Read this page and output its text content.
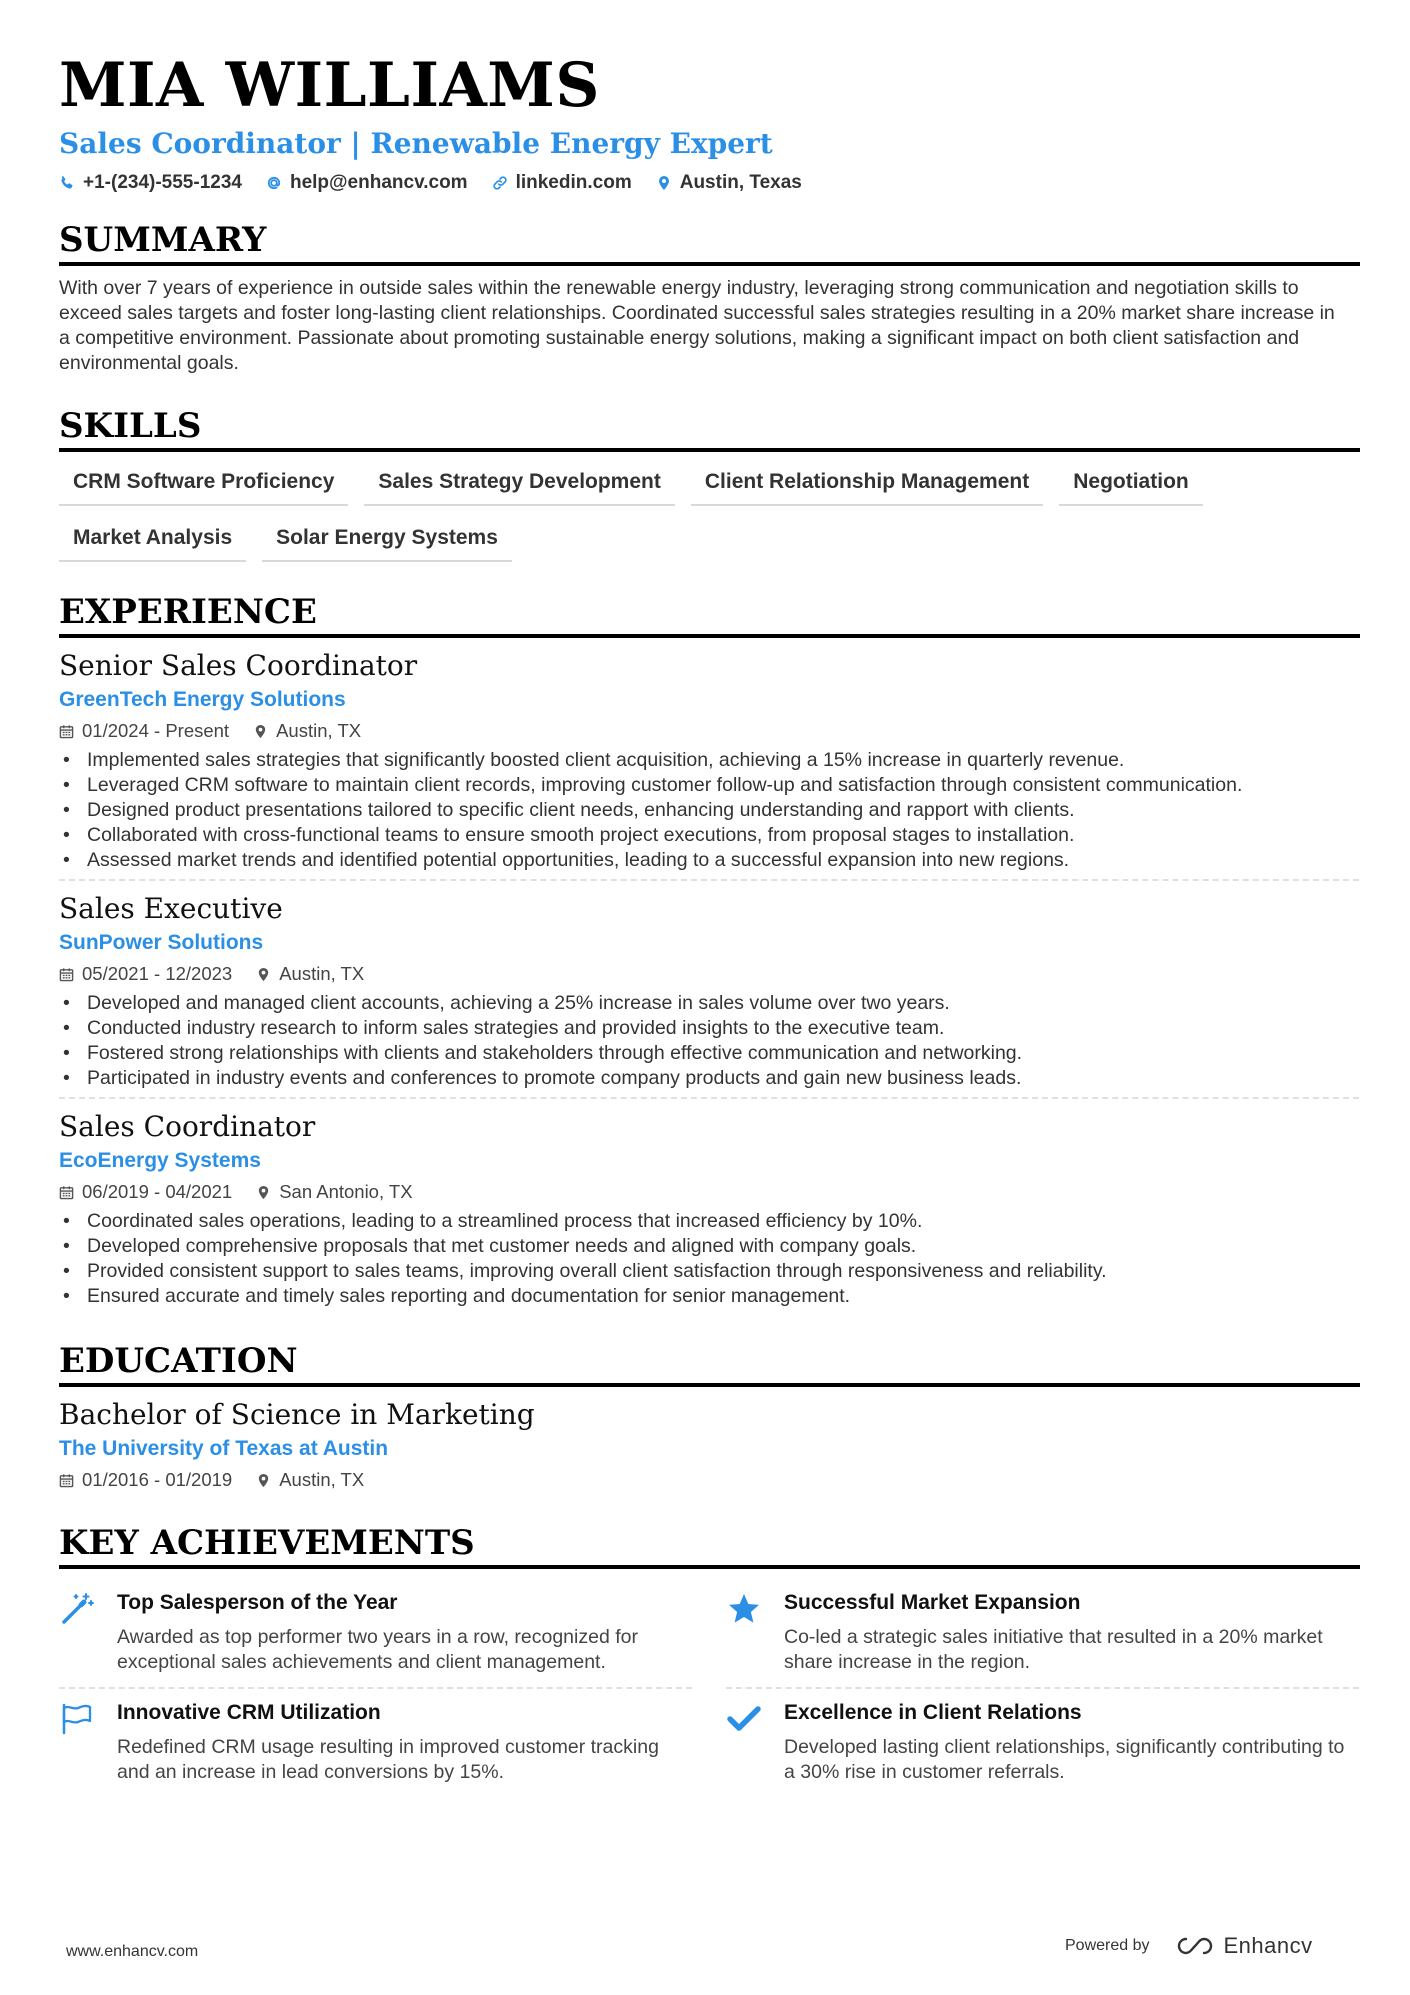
MIA WILLIAMS
Sales Coordinator | Renewable Energy Expert
+1-(234)-555-1234	help@enhancv.com	linkedin.com	Austin, Texas
SUMMARY

With over 7 years of experience in outside sales within the renewable energy industry, leveraging strong communication and negotiation skills to exceed sales targets and foster long-lasting client relationships. Coordinated successful sales strategies resulting in a 20% market share increase in a competitive environment. Passionate about promoting sustainable energy solutions, making a significant impact on both client satisfaction and environmental goals.

SKILLS
CRM Software Proficiency	Sales Strategy Development	Client Relationship Management	Negotiation
Market Analysis	Solar Energy Systems
EXPERIENCE
Senior Sales Coordinator
GreenTech Energy Solutions
01/2024 - Present	Austin, TX
• Implemented sales strategies that significantly boosted client acquisition, achieving a 15% increase in quarterly revenue.
• Leveraged CRM software to maintain client records, improving customer follow-up and satisfaction through consistent communication.
• Designed product presentations tailored to specific client needs, enhancing understanding and rapport with clients.
• Collaborated with cross-functional teams to ensure smooth project executions, from proposal stages to installation.
• Assessed market trends and identified potential opportunities, leading to a successful expansion into new regions.
Sales Executive
SunPower Solutions
05/2021 - 12/2023	Austin, TX
• Developed and managed client accounts, achieving a 25% increase in sales volume over two years.
• Conducted industry research to inform sales strategies and provided insights to the executive team.
• Fostered strong relationships with clients and stakeholders through effective communication and networking.
• Participated in industry events and conferences to promote company products and gain new business leads.
Sales Coordinator
EcoEnergy Systems
06/2019 - 04/2021	San Antonio, TX
• Coordinated sales operations, leading to a streamlined process that increased efficiency by 10%.
• Developed comprehensive proposals that met customer needs and aligned with company goals.
• Provided consistent support to sales teams, improving overall client satisfaction through responsiveness and reliability.
• Ensured accurate and timely sales reporting and documentation for senior management.
EDUCATION
Bachelor of Science in Marketing
The University of Texas at Austin
01/2016 - 01/2019	Austin, TX
KEY ACHIEVEMENTS
Top Salesperson of the Year
Awarded as top performer two years in a row, recognized for exceptional sales achievements and client management.
Successful Market Expansion
Co-led a strategic sales initiative that resulted in a 20% market share increase in the region.
Innovative CRM Utilization
Redefined CRM usage resulting in improved customer tracking and an increase in lead conversions by 15%.
Excellence in Client Relations
Developed lasting client relationships, significantly contributing to a 30% rise in customer referrals.
www.enhancv.com	Powered by	Enhancv
